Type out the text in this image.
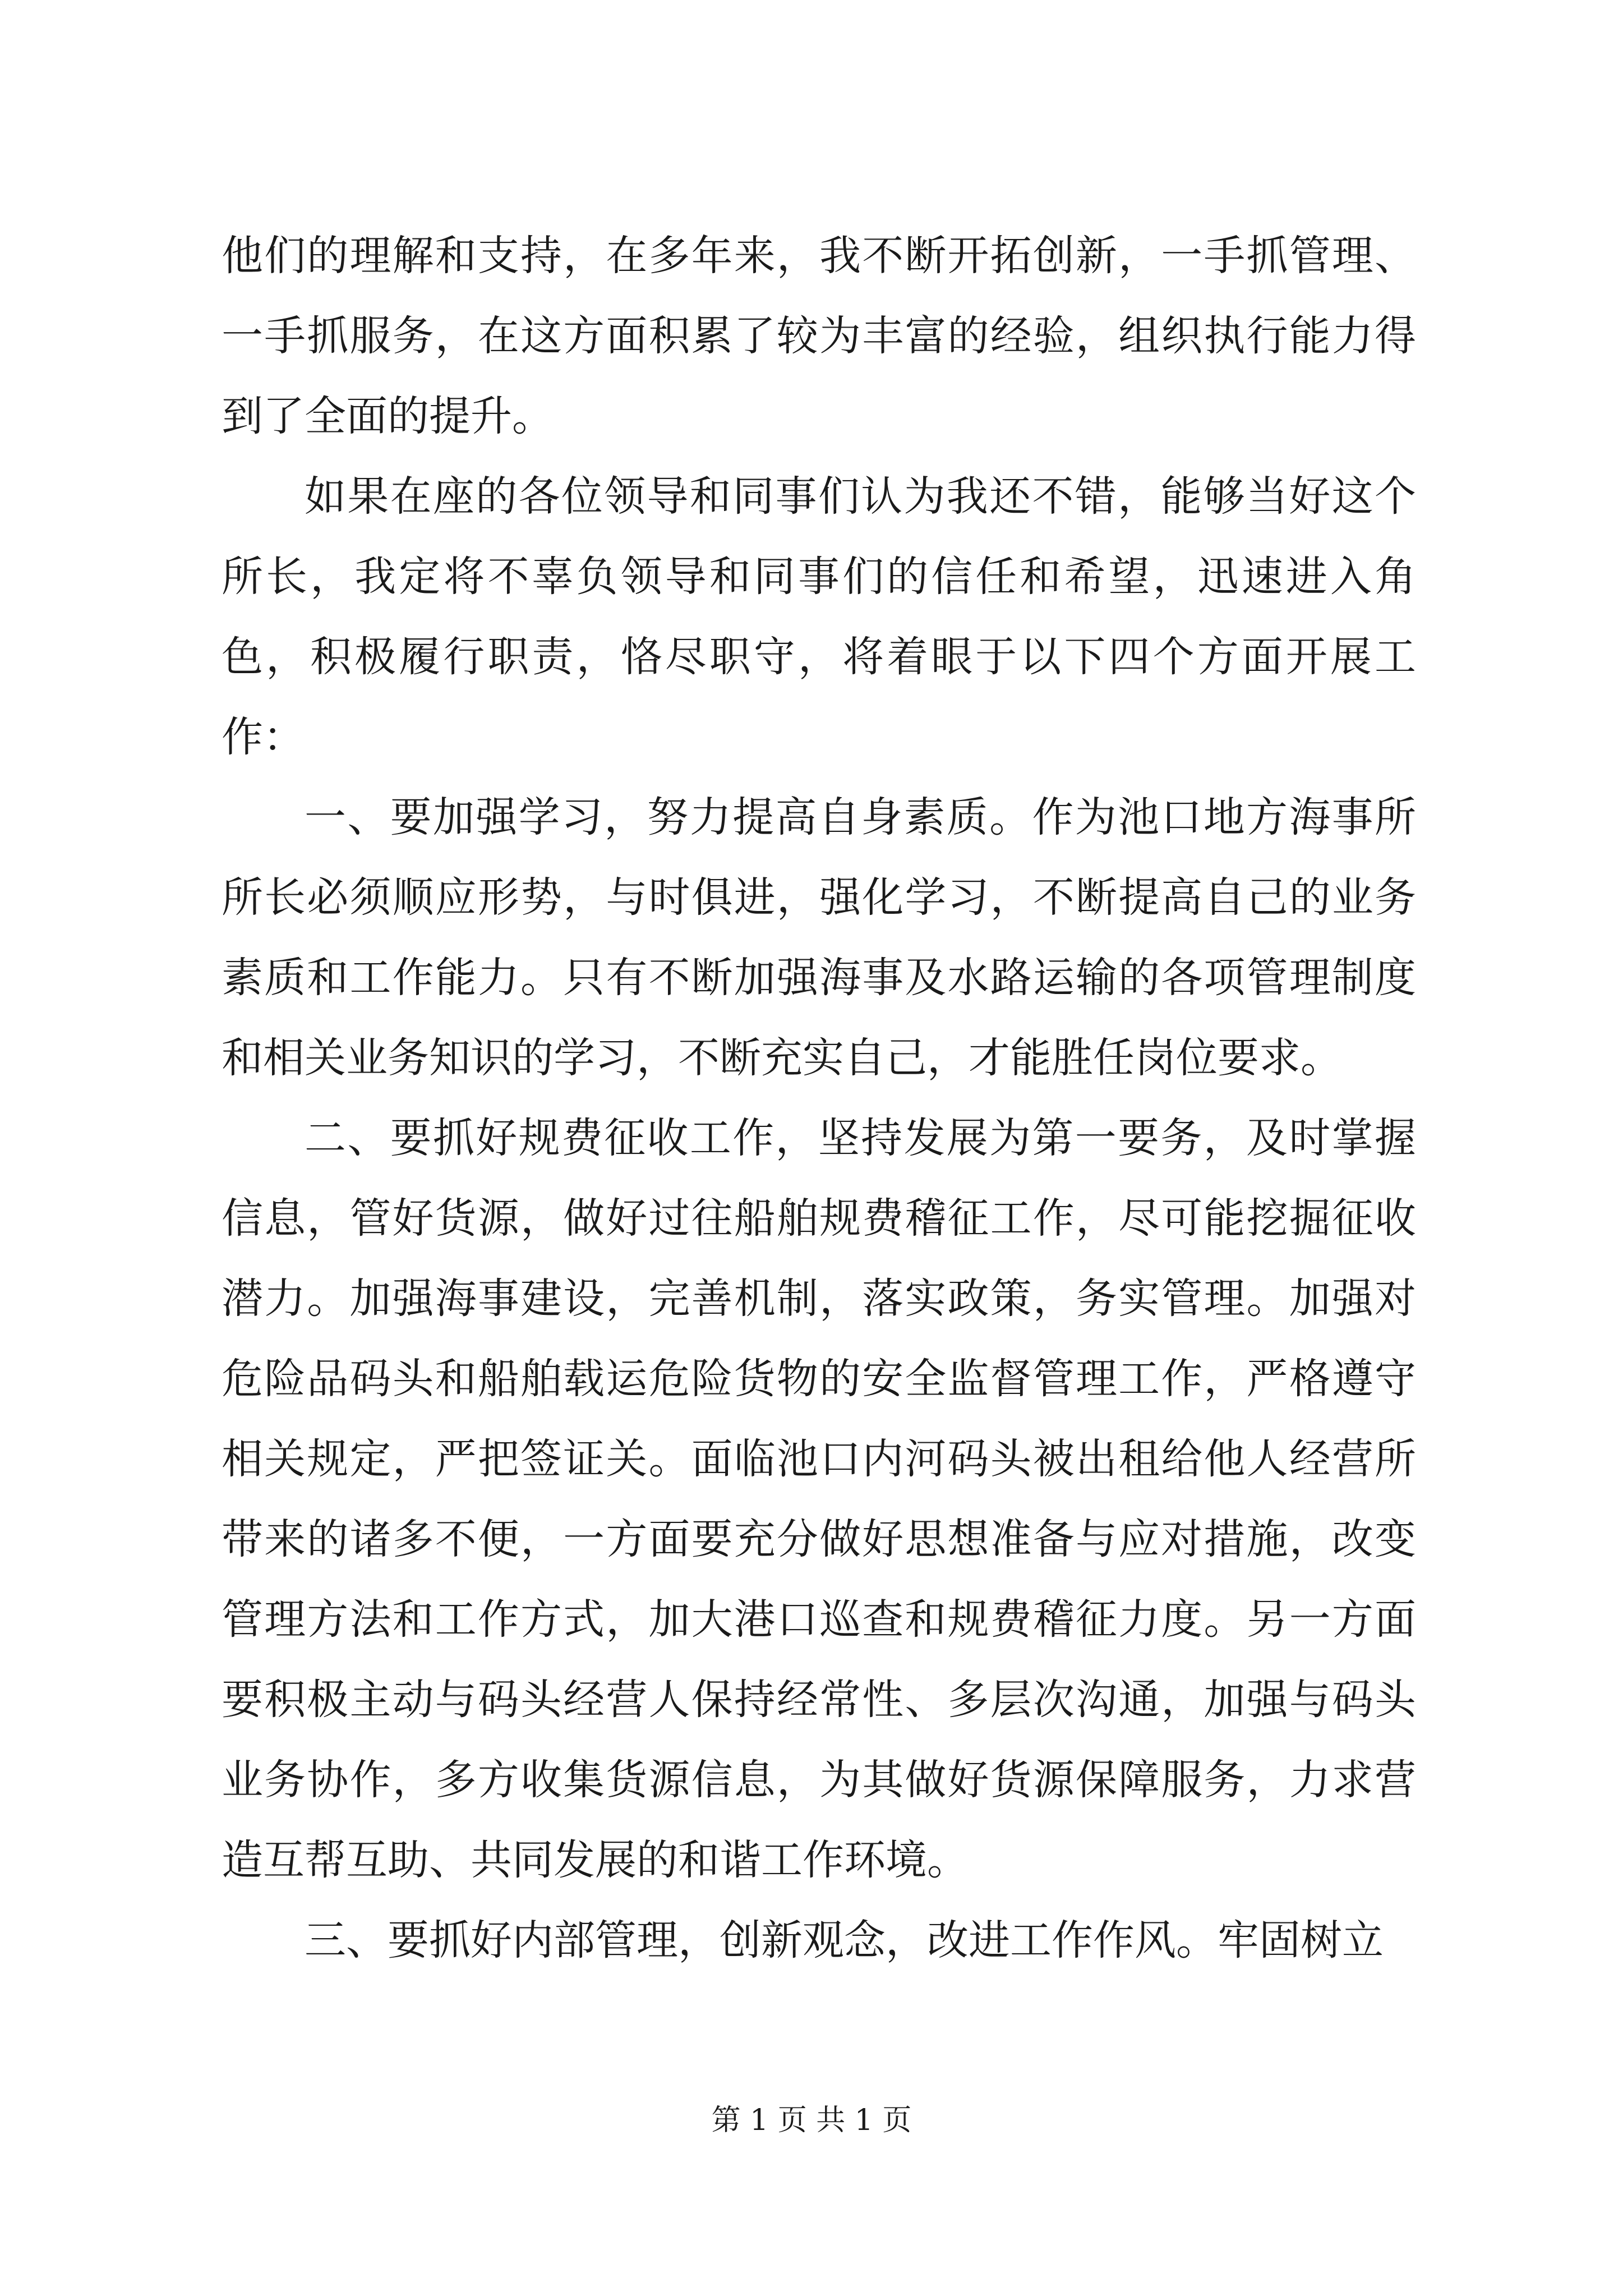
他们的理解和支持，在多年来，我不断开拓创新，一手抓管理、一手抓服务，在这方面积累了较为丰富的经验，组织执行能力得到了全面的提升。

如果在座的各位领导和同事们认为我还不错，能够当好这个所长，我定将不辜负领导和同事们的信任和希望，迅速进入角色，积极履行职责，恪尽职守，将着眼于以下四个方面开展工作：

一、要加强学习，努力提高自身素质。作为池口地方海事所所长必须顺应形势，与时俱进，强化学习，不断提高自己的业务素质和工作能力。只有不断加强海事及水路运输的各项管理制度和相关业务知识的学习，不断充实自己，才能胜任岗位要求。

二、要抓好规费征收工作，坚持发展为第一要务，及时掌握信息，管好货源，做好过往船舶规费稽征工作，尽可能挖掘征收潜力。加强海事建设，完善机制，落实政策，务实管理。加强对危险品码头和船舶载运危险货物的安全监督管理工作，严格遵守相关规定，严把签证关。面临池口内河码头被出租给他人经营所带来的诸多不便，一方面要充分做好思想准备与应对措施，改变管理方法和工作方式，加大港口巡查和规费稽征力度。另一方面要积极主动与码头经营人保持经常性、多层次沟通，加强与码头业务协作，多方收集货源信息，为其做好货源保障服务，力求营造互帮互助、共同发展的和谐工作环境。

三、要抓好内部管理，创新观念，改进工作作风。牢固树立

第 1 页 共 1 页
